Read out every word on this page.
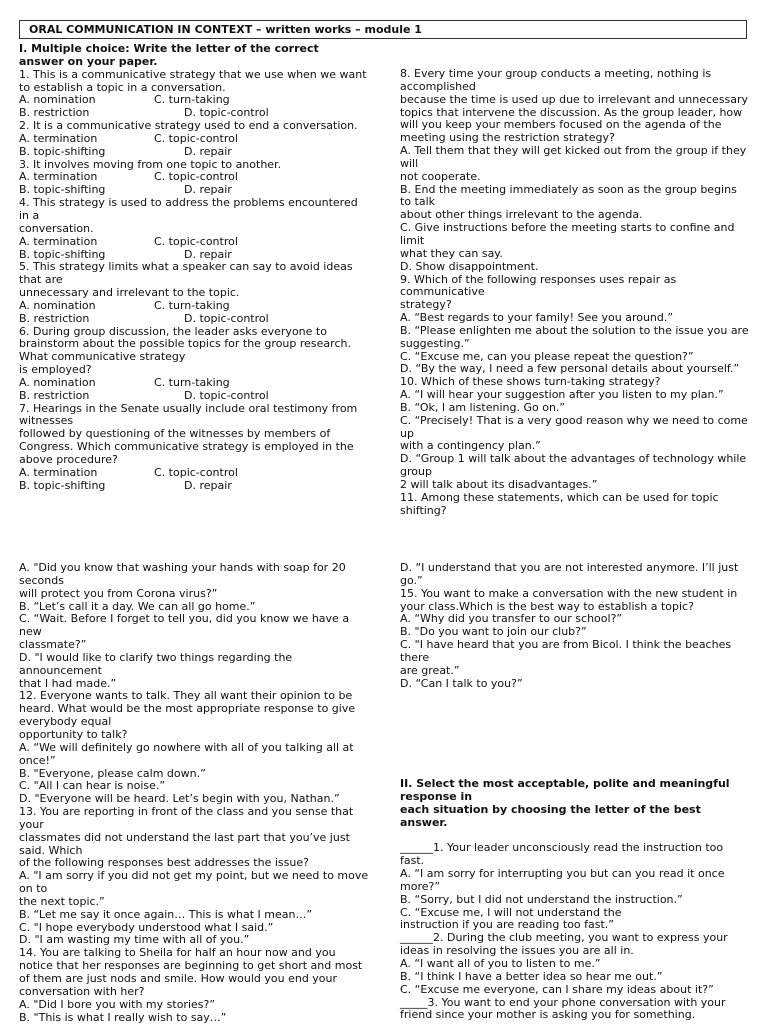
ORAL COMMUNICATION IN CONTEXT – written works – module 1

I. Multiple choice: Write the letter of the correct

answer on your paper.

1. This is a communicative strategy that we use when we want

to establish a topic in a conversation.

A. nomination	C. turn-taking
B. restriction	D. topic-control

2. It is a communicative strategy used to end a conversation.

A. termination	C. topic-control
B. topic-shifting	D. repair

3. It involves moving from one topic to another.

A. termination	C. topic-control
B. topic-shifting	D. repair

4. This strategy is used to address the problems encountered

in a

conversation.

A. termination	C. topic-control
B. topic-shifting	D. repair

5. This strategy limits what a speaker can say to avoid ideas

that are

unnecessary and irrelevant to the topic.

A. nomination	C. turn-taking
B. restriction	D. topic-control

6. During group discussion, the leader asks everyone to

brainstorm about the possible topics for the group research.

What communicative strategy

is employed?

A. nomination	C. turn-taking
B. restriction	D. topic-control

7. Hearings in the Senate usually include oral testimony from

witnesses

followed by questioning of the witnesses by members of

Congress. Which communicative strategy is employed in the

above procedure?

A. termination	C. topic-control
B. topic-shifting	D. repair

8. Every time your group conducts a meeting, nothing is

accomplished

because the time is used up due to irrelevant and unnecessary

topics that intervene the discussion. As the group leader, how

will you keep your members focused on the agenda of the

meeting using the restriction strategy?

A. Tell them that they will get kicked out from the group if they

will

not cooperate.

B. End the meeting immediately as soon as the group begins

to talk

about other things irrelevant to the agenda.

C. Give instructions before the meeting starts to confine and

limit

what they can say.

D. Show disappointment.

9. Which of the following responses uses repair as

communicative

strategy?

A. “Best regards to your family! See you around.”

B. “Please enlighten me about the solution to the issue you are

suggesting.”

C. “Excuse me, can you please repeat the question?”

D. “By the way, I need a few personal details about yourself.”

10. Which of these shows turn-taking strategy?

A. “I will hear your suggestion after you listen to my plan.”

B. “Ok, I am listening. Go on.”

C. “Precisely! That is a very good reason why we need to come

up

with a contingency plan.”

D. “Group 1 will talk about the advantages of technology while

group

2 will talk about its disadvantages.”

11. Among these statements, which can be used for topic

shifting?

A. "Did you know that washing your hands with soap for 20

seconds

will protect you from Corona virus?”

B. “Let’s call it a day. We can all go home.”

C. “Wait. Before I forget to tell you, did you know we have a

new

classmate?”

D. "I would like to clarify two things regarding the

announcement

that I had made.”

12. Everyone wants to talk. They all want their opinion to be

heard. What would be the most appropriate response to give

everybody equal

opportunity to talk?

A. “We will definitely go nowhere with all of you talking all at

once!”

B. "Everyone, please calm down.”

C. "All I can hear is noise.”

D. "Everyone will be heard. Let’s begin with you, Nathan.”

13. You are reporting in front of the class and you sense that

your

classmates did not understand the last part that you’ve just

said. Which

of the following responses best addresses the issue?

A. "I am sorry if you did not get my point, but we need to move

on to

the next topic.”

B. “Let me say it once again… This is what I mean…”

C. "I hope everybody understood what I said.”

D. "I am wasting my time with all of you.”

14. You are talking to Sheila for half an hour now and you

notice that her responses are beginning to get short and most

of them are just nods and smile. How would you end your

conversation with her?

A. "Did I bore you with my stories?”

B. "This is what I really wish to say…”

D. “I understand that you are not interested anymore. I’ll just

go.”

15. You want to make a conversation with the new student in

your class.Which is the best way to establish a topic?

A. “Why did you transfer to our school?”

B. "Do you want to join our club?”

C. "I have heard that you are from Bicol. I think the beaches

there

are great.”

D. “Can I talk to you?”

II. Select the most acceptable, polite and meaningful

response in

each situation by choosing the letter of the best

answer.

______1. Your leader unconsciously read the instruction too

fast.

A. “I am sorry for interrupting you but can you read it once

more?”

B. “Sorry, but I did not understand the instruction.”

C. “Excuse me, I will not understand the

instruction if you are reading too fast.”

______2. During the club meeting, you want to express your

ideas in resolving the issues you are all in.

A. “I want all of you to listen to me.”

B. “I think I have a better idea so hear me out.”

C. “Excuse me everyone, can I share my ideas about it?”

_____3. You want to end your phone conversation with your

friend since your mother is asking you for something.
